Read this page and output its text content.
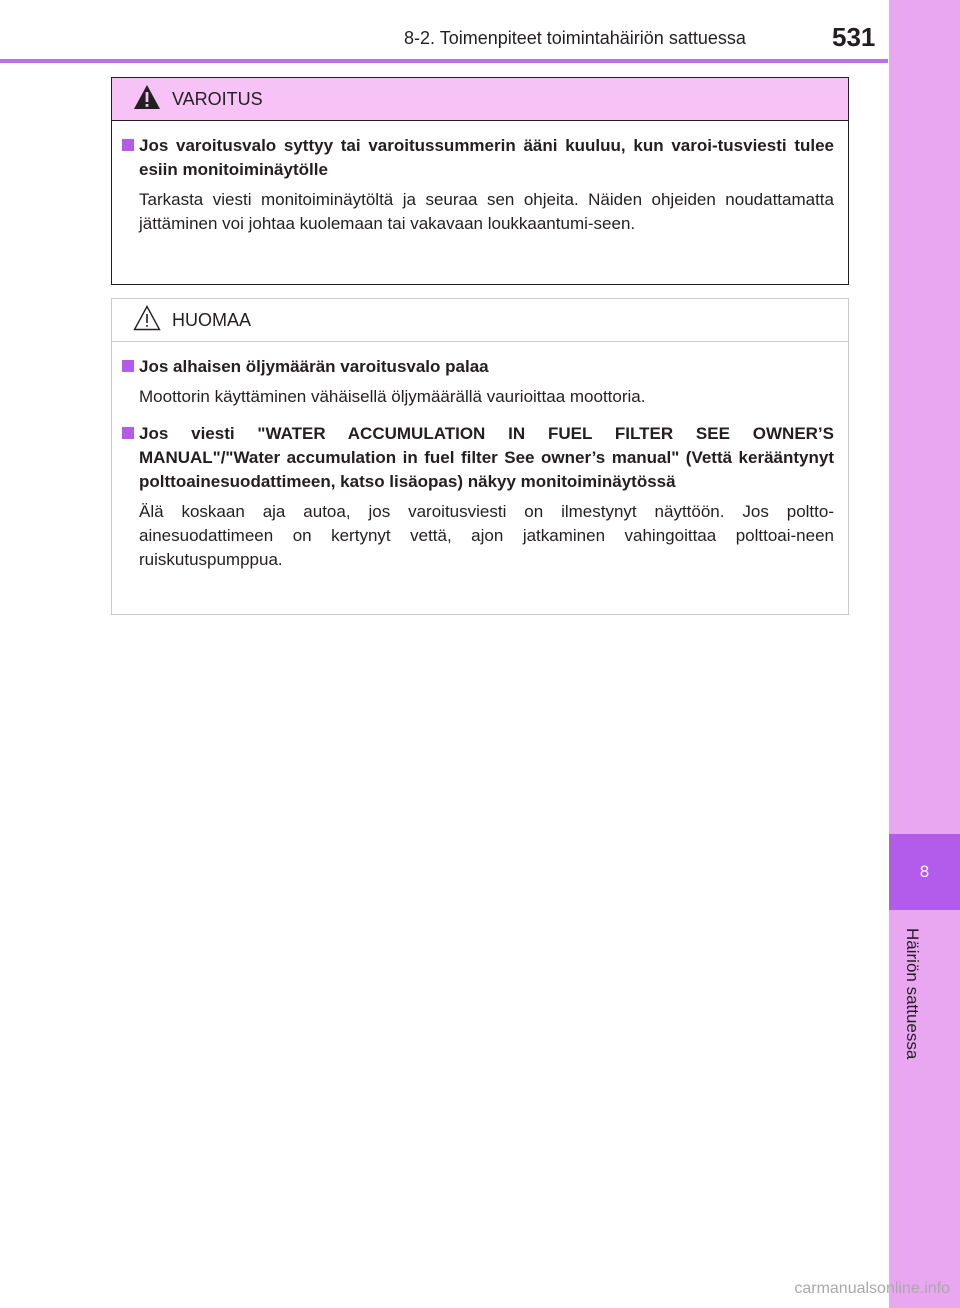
8-2. Toimenpiteet toimintahäiriön sattuessa	531
8
Häiriön sattuessa
VAROITUS
Jos varoitusvalo syttyy tai varoitussummerin ääni kuuluu, kun varoi-tusviesti tulee esiin monitoiminäytölle
Tarkasta viesti monitoiminäytöltä ja seuraa sen ohjeita. Näiden ohjeiden noudattamatta jättäminen voi johtaa kuolemaan tai vakavaan loukkaantumi-seen.
HUOMAA
Jos alhaisen öljymäärän varoitusvalo palaa
Moottorin käyttäminen vähäisellä öljymäärällä vaurioittaa moottoria.
Jos viesti "WATER ACCUMULATION IN FUEL FILTER SEE OWNER’S MANUAL"/"Water accumulation in fuel filter See owner’s manual" (Vettä kerääntynyt polttoainesuodattimeen, katso lisäopas) näkyy monitoiminäytössä
Älä koskaan aja autoa, jos varoitusviesti on ilmestynyt näyttöön. Jos poltto-ainesuodattimeen on kertynyt vettä, ajon jatkaminen vahingoittaa polttoai-neen ruiskutuspumppua.
carmanualsonline.info
